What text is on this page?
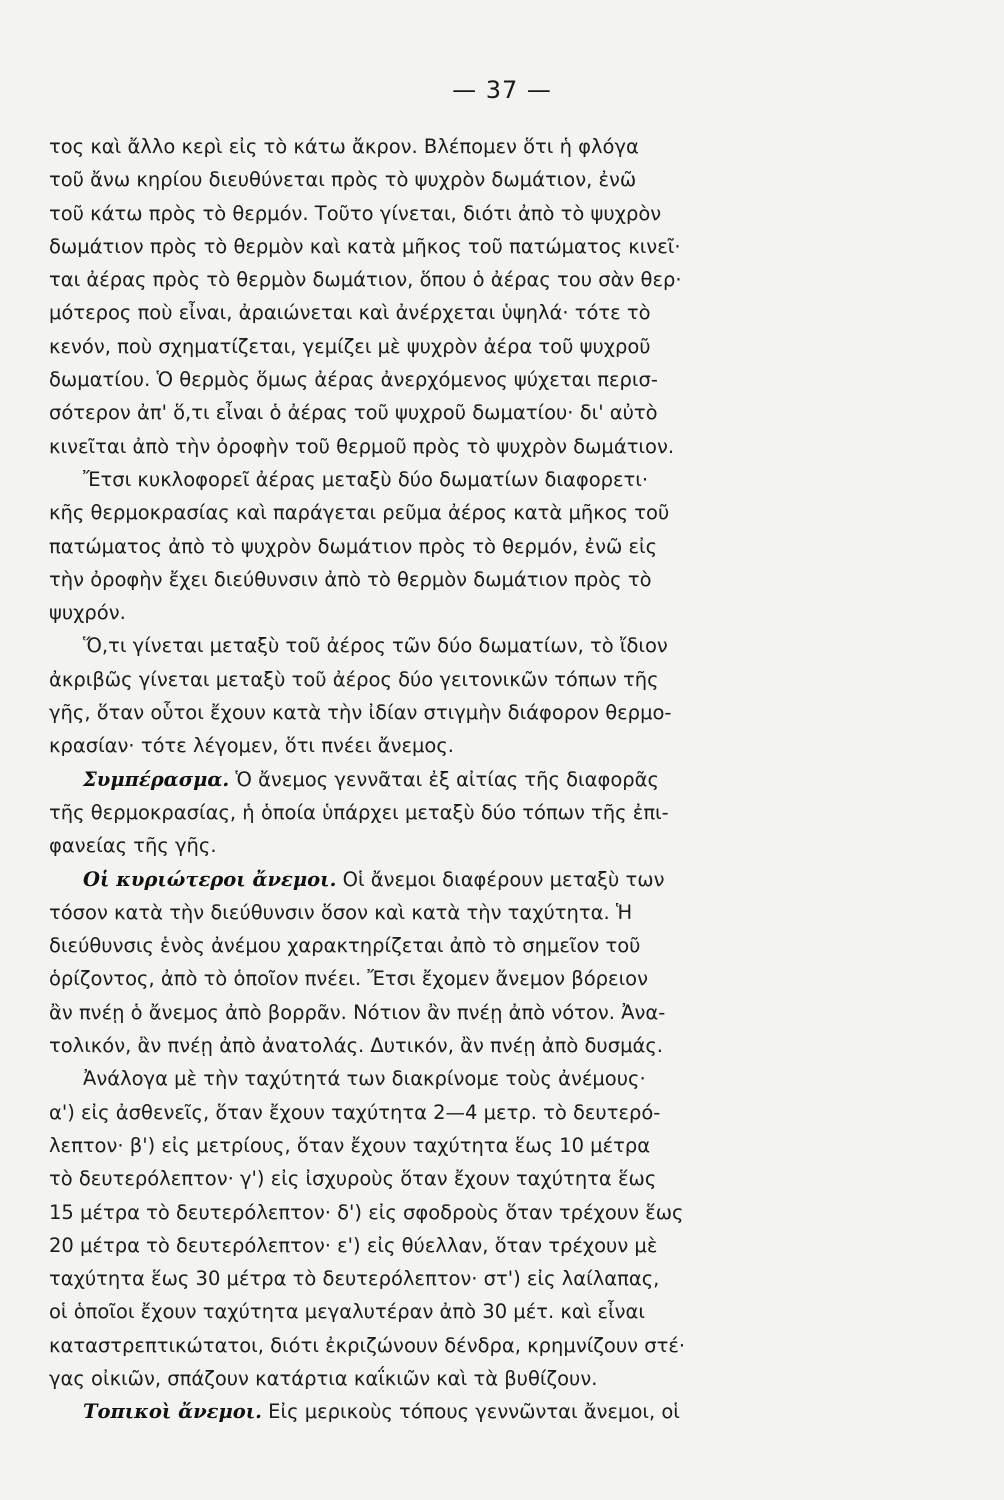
— 37 —
τος καὶ ἄλλο κερὶ εἰς τὸ κάτω ἄκρον. Βλέπομεν ὅτι ἡ φλόγα
τοῦ ἄνω κηρίου διευθύνεται πρὸς τὸ ψυχρὸν δωμάτιον, ἐνῶ
τοῦ κάτω πρὸς τὸ θερμόν. Τοῦτο γίνεται, διότι ἀπὸ τὸ ψυχρὸν
δωμάτιον πρὸς τὸ θερμὸν καὶ κατὰ μῆκος τοῦ πατώματος κινεῖ·
ται ἀέρας πρὸς τὸ θερμὸν δωμάτιον, ὅπου ὁ ἀέρας του σὰν θερ·
μότερος ποὺ εἶναι, ἀραιώνεται καὶ ἀνέρχεται ὑψηλά· τότε τὸ
κενόν, ποὺ σχηματίζεται, γεμίζει μὲ ψυχρὸν ἀέρα τοῦ ψυχροῦ
δωματίου. Ὁ θερμὸς ὅμως ἀέρας ἀνερχόμενος ψύχεται περισ-
σότερον ἀπ' ὅ,τι εἶναι ὁ ἀέρας τοῦ ψυχροῦ δωματίου· δι' αὐτὸ
κινεῖται ἀπὸ τὴν ὀροφὴν τοῦ θερμοῦ πρὸς τὸ ψυχρὸν δωμάτιον.
Ἔτσι κυκλοφορεῖ ἀέρας μεταξὺ δύο δωματίων διαφορετι·
κῆς θερμοκρασίας καὶ παράγεται ρεῦμα ἀέρος κατὰ μῆκος τοῦ
πατώματος ἀπὸ τὸ ψυχρὸν δωμάτιον πρὸς τὸ θερμόν, ἐνῶ εἰς
τὴν ὀροφὴν ἔχει διεύθυνσιν ἀπὸ τὸ θερμὸν δωμάτιον πρὸς τὸ
ψυχρόν.
Ὅ,τι γίνεται μεταξὺ τοῦ ἀέρος τῶν δύο δωματίων, τὸ ἴδιον
ἀκριβῶς γίνεται μεταξὺ τοῦ ἀέρος δύο γειτονικῶν τόπων τῆς
γῆς, ὅταν οὗτοι ἔχουν κατὰ τὴν ἰδίαν στιγμὴν διάφορον θερμο-
κρασίαν· τότε λέγομεν, ὅτι πνέει ἄνεμος.
Συμπέρασμα. Ὁ ἄνεμος γεννᾶται ἐξ αἰτίας τῆς διαφορᾶς
τῆς θερμοκρασίας, ἡ ὁποία ὑπάρχει μεταξὺ δύο τόπων τῆς ἐπι-
φανείας τῆς γῆς.
Οἱ κυριώτεροι ἄνεμοι. Οἱ ἄνεμοι διαφέρουν μεταξὺ των
τόσον κατὰ τὴν διεύθυνσιν ὅσον καὶ κατὰ τὴν ταχύτητα. Ἡ
διεύθυνσις ἑνὸς ἀνέμου χαρακτηρίζεται ἀπὸ τὸ σημεῖον τοῦ
ὁρίζοντος, ἀπὸ τὸ ὁποῖον πνέει. Ἔτσι ἔχομεν ἄνεμον βόρειον
ἂν πνέῃ ὁ ἄνεμος ἀπὸ βορρᾶν. Νότιον ἂν πνέῃ ἀπὸ νότον. Ἀνα-
τολικόν, ἂν πνέῃ ἀπὸ ἀνατολάς. Δυτικόν, ἂν πνέῃ ἀπὸ δυσμάς.
Ἀνάλογα μὲ τὴν ταχύτητά των διακρίνομε τοὺς ἀνέμους·
α') εἰς ἀσθενεῖς, ὅταν ἔχουν ταχύτητα 2—4 μετρ. τὸ δευτερό-
λεπτον· β') εἰς μετρίους, ὅταν ἔχουν ταχύτητα ἕως 10 μέτρα
τὸ δευτερόλεπτον· γ') εἰς ἰσχυροὺς ὅταν ἔχουν ταχύτητα ἕως
15 μέτρα τὸ δευτερόλεπτον· δ') εἰς σφοδροὺς ὅταν τρέχουν ἕως
20 μέτρα τὸ δευτερόλεπτον· ε') εἰς θύελλαν, ὅταν τρέχουν μὲ
ταχύτητα ἕως 30 μέτρα τὸ δευτερόλεπτον· στ') εἰς λαίλαπας,
οἱ ὁποῖοι ἔχουν ταχύτητα μεγαλυτέραν ἀπὸ 30 μέτ. καὶ εἶναι
καταστρεπτικώτατοι, διότι ἐκριζώνουν δένδρα, κρημνίζουν στέ·
γας οἰκιῶν, σπάζουν κατάρτια καΐκιῶν καὶ τὰ βυθίζουν.
Τοπικοὶ ἄνεμοι. Εἰς μερικοὺς τόπους γεννῶνται ἄνεμοι, οἱ
